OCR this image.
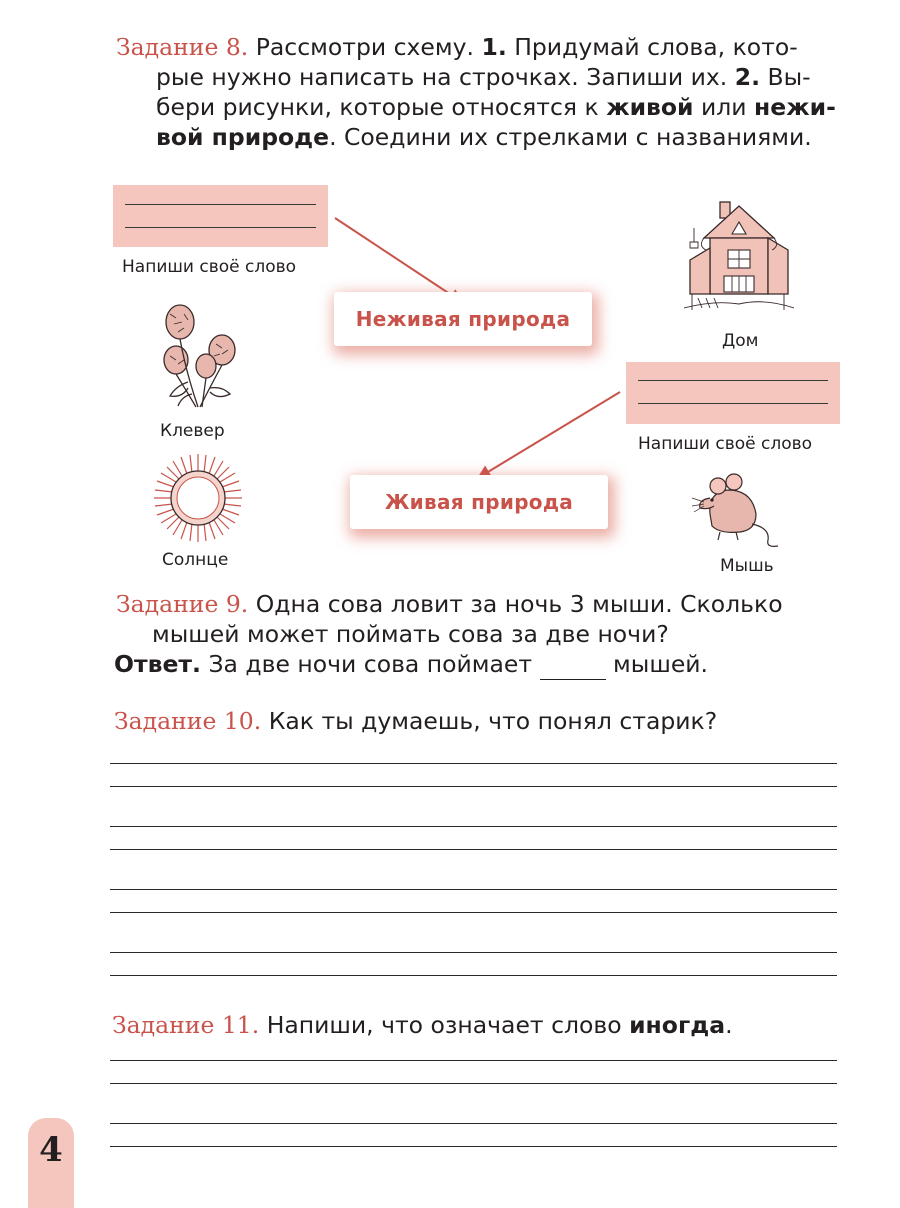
Задание 8. Рассмотри схему. 1. Придумай слова, кото-
рые нужно написать на строчках. Запиши их. 2. Вы-
бери рисунки, которые относятся к живой или нежи-
вой природе. Соедини их стрелками с названиями.
Напиши своё слово
Напиши своё слово
Неживая природа
Живая природа
Клевер
Солнце
Дом
Мышь
Задание 9. Одна сова ловит за ночь 3 мыши. Сколько
мышей может поймать сова за две ночи?
Ответ. За две ночи сова поймает	мышей.
Задание 10. Как ты думаешь, что понял старик?
Задание 11. Напиши, что означает слово иногда.
4
